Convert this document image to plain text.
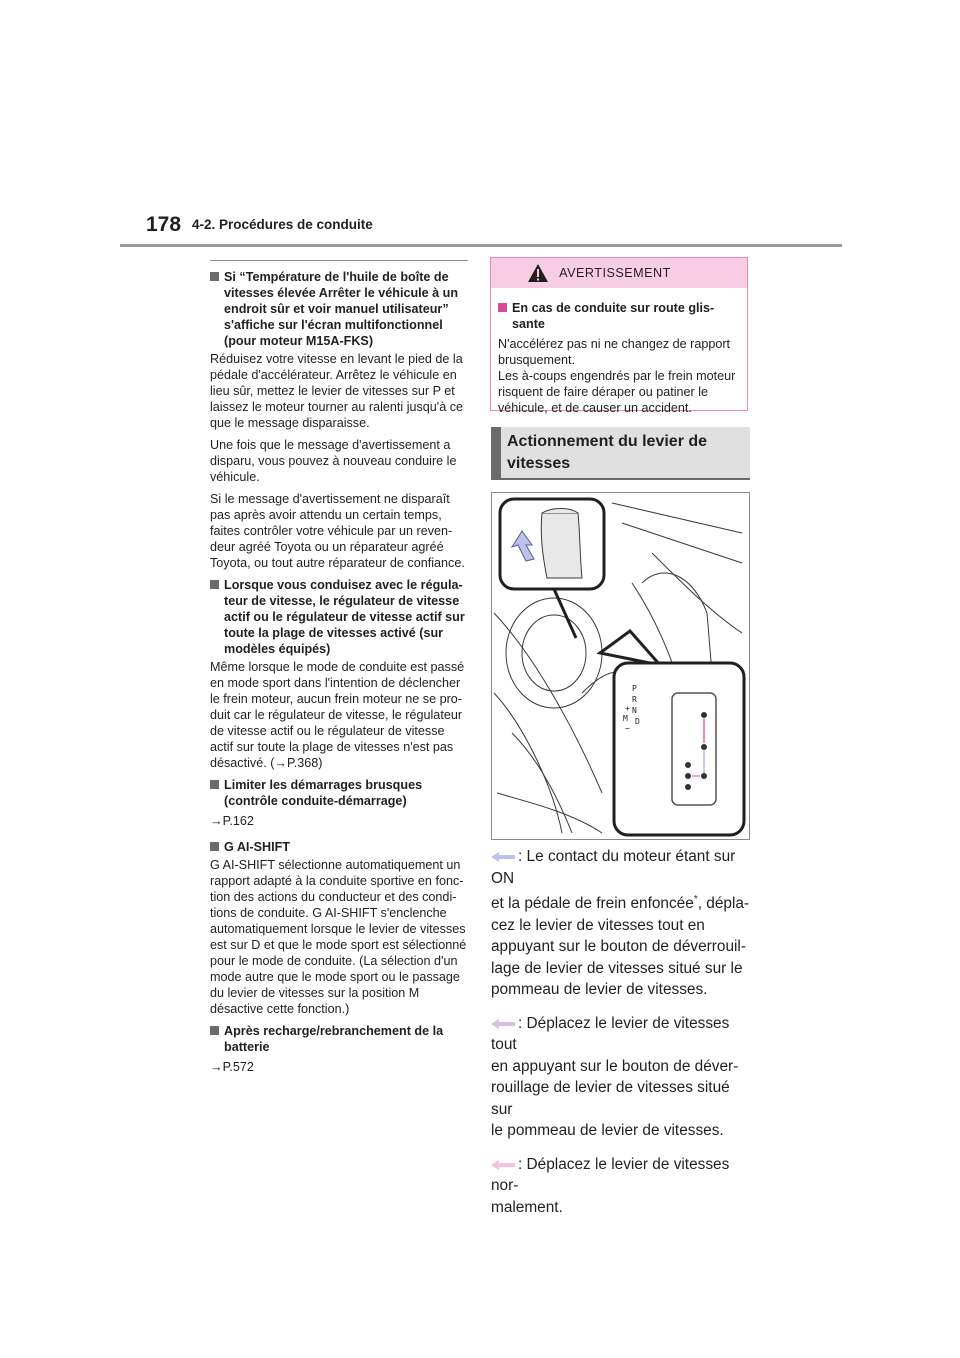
178 4-2. Procédures de conduite
Si “Température de l'huile de boîte de vitesses élevée Arrêter le véhicule à un endroit sûr et voir manuel utilisateur” s'affiche sur l'écran multifonctionnel (pour moteur M15A-FKS)

Réduisez votre vitesse en levant le pied de la pédale d'accélérateur. Arrêtez le véhicule en lieu sûr, mettez le levier de vitesses sur P et laissez le moteur tourner au ralenti jusqu'à ce que le message disparaisse.

Une fois que le message d'avertissement a disparu, vous pouvez à nouveau conduire le véhicule.

Si le message d'avertissement ne disparaît pas après avoir attendu un certain temps, faites contrôler votre véhicule par un reven-deur agréé Toyota ou un réparateur agréé Toyota, ou tout autre réparateur de confiance.

Lorsque vous conduisez avec le régula-teur de vitesse, le régulateur de vitesse actif ou le régulateur de vitesse actif sur toute la plage de vitesses activé (sur modèles équipés)

Même lorsque le mode de conduite est passé en mode sport dans l'intention de déclencher le frein moteur, aucun frein moteur ne se pro-duit car le régulateur de vitesse, le régulateur de vitesse actif ou le régulateur de vitesse actif sur toute la plage de vitesses n'est pas désactivé. (→P.368)

Limiter les démarrages brusques (contrôle conduite-démarrage)

→P.162

G AI-SHIFT

G AI-SHIFT sélectionne automatiquement un rapport adapté à la conduite sportive en fonc-tion des actions du conducteur et des condi-tions de conduite. G AI-SHIFT s'enclenche automatiquement lorsque le levier de vitesses est sur D et que le mode sport est sélectionné pour le mode de conduite. (La sélection d'un mode autre que le mode sport ou le passage du levier de vitesses sur la position M désactive cette fonction.)

Après recharge/rebranchement de la batterie

→P.572

AVERTISSEMENT
En cas de conduite sur route glis-sante

N'accélérez pas ni ne changez de rapport brusquement.

Les à-coups engendrés par le frein moteur risquent de faire déraper ou patiner le véhicule, et de causer un accident.

Actionnement du levier de
vitesses
P
R
N
D
+
M
−
: Le contact du moteur étant sur ON
et la pédale de frein enfoncée*, dépla-
cez le levier de vitesses tout en
appuyant sur le bouton de déverrouil-
lage de levier de vitesses situé sur le
pommeau de levier de vitesses.
: Déplacez le levier de vitesses tout
en appuyant sur le bouton de déver-
rouillage de levier de vitesses situé sur
le pommeau de levier de vitesses.
: Déplacez le levier de vitesses nor-
malement.
